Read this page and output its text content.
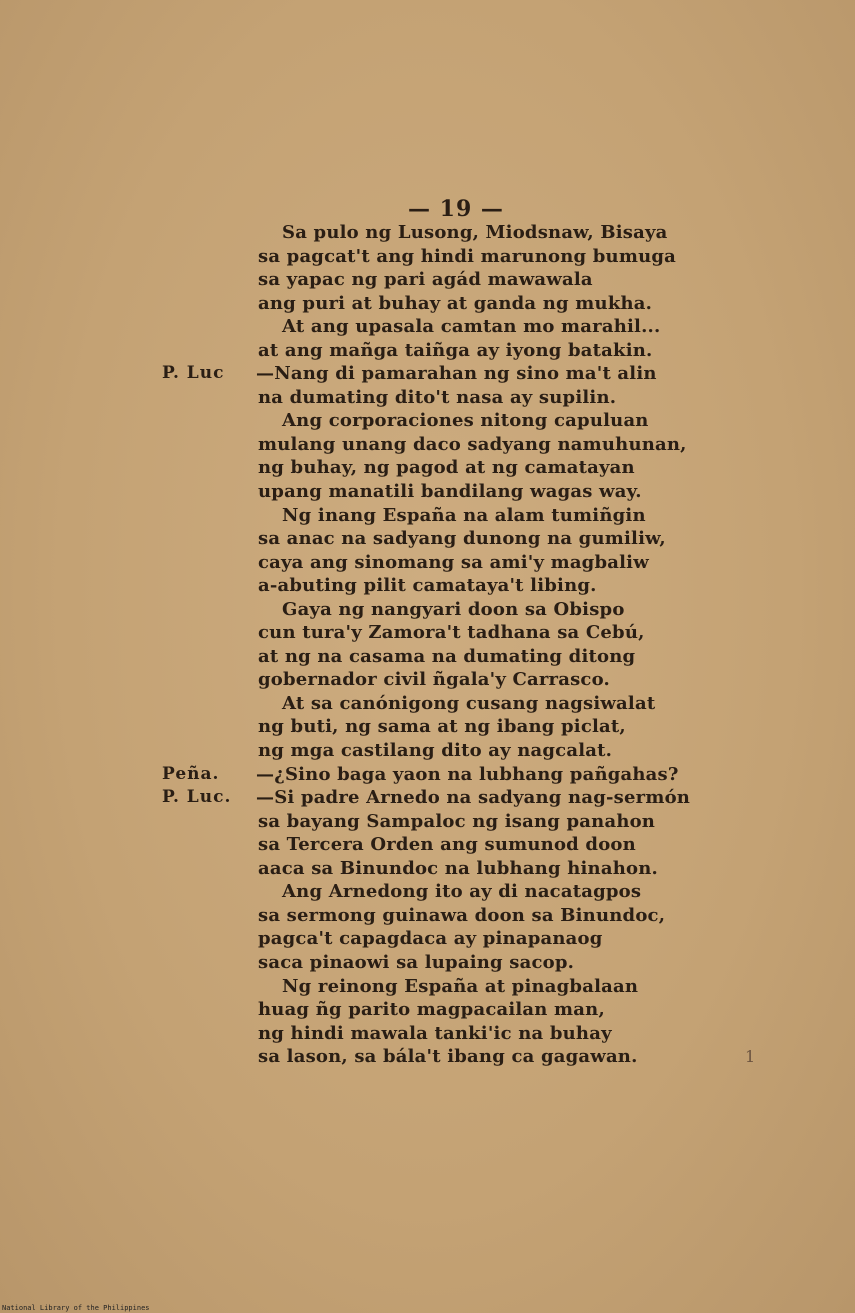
— 19 —
Sa pulo ng Lusong, Miodsnaw, Bisaya
sa pagcat't ang hindi marunong bumuga
sa yapac ng pari agád mawawala
ang puri at buhay at ganda ng mukha.
At ang upasala camtan mo marahil...
at ang mañga taiñga ay iyong batakin.
P. Luc —Nang di pamarahan ng sino ma't alin
na dumating dito't nasa ay supilin.
Ang corporaciones nitong capuluan
mulang unang daco sadyang namuhunan,
ng buhay, ng pagod at ng camatayan
upang manatili bandilang wagas way.
Ng inang España na alam tumiñgin
sa anac na sadyang dunong na gumiliw,
caya ang sinomang sa ami'y magbaliw
a-abuting pilit camataya't libing.
Gaya ng nangyari doon sa Obispo
cun tura'y Zamora't tadhana sa Cebú,
at ng na casama na dumating ditong
gobernador civil ñgala'y Carrasco.
At sa canónigong cusang nagsiwalat
ng buti, ng sama at ng ibang piclat,
ng mga castilang dito ay nagcalat.
Peña. —¿Sino baga yaon na lubhang pañgahas?
P. Luc. —Si padre Arnedo na sadyang nag-sermón
sa bayang Sampaloc ng isang panahon
sa Tercera Orden ang sumunod doon
aaca sa Binundoc na lubhang hinahon.
Ang Arnedong ito ay di nacatagpos
sa sermong guinawa doon sa Binundoc,
pagca't capagdaca ay pinapanaog
saca pinaowi sa lupaing sacop.
Ng reinong España at pinagbalaan
huag ñg parito magpacailan man,
ng hindi mawala tanki'ic na buhay
sa lason, sa bála't ibang ca gagawan.	1
National Library of the Philippines
